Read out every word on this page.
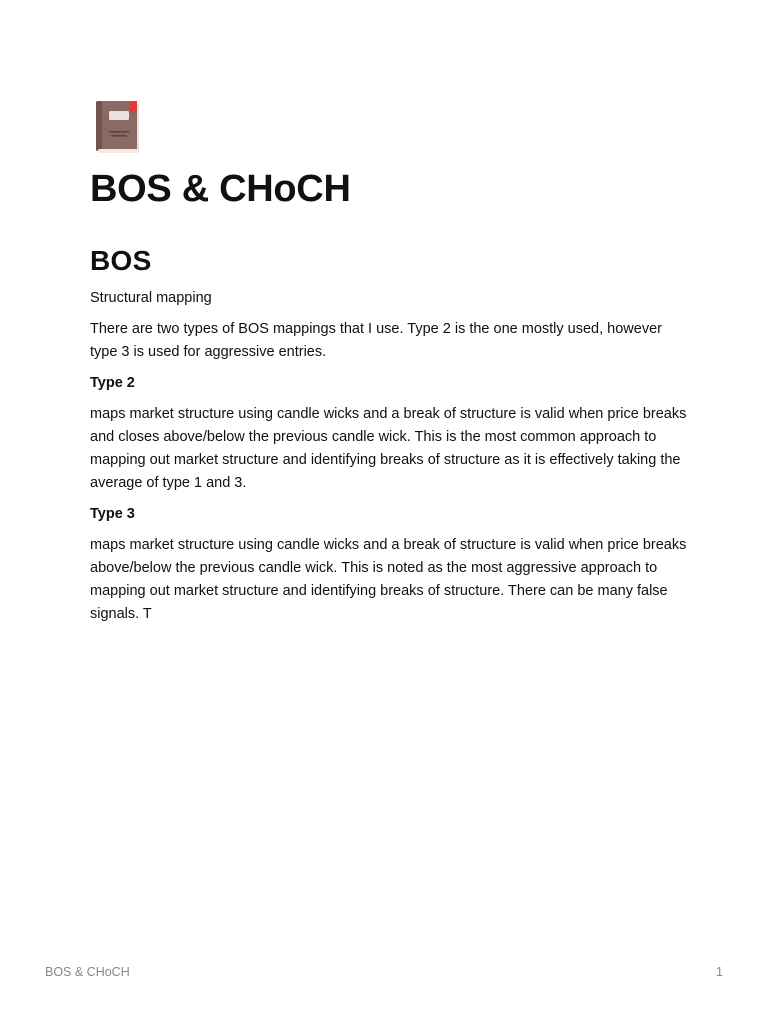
BOS & CHoCH
BOS

Structural mapping

There are two types of BOS mappings that I use. Type 2 is the one mostly used, however type 3 is used for aggressive entries.

Type 2

maps market structure using candle wicks and a break of structure is valid when price breaks and closes above/below the previous candle wick. This is the most common approach to mapping out market structure and identifying breaks of structure as it is effectively taking the average of type 1 and 3.

Type 3

maps market structure using candle wicks and a break of structure is valid when price breaks above/below the previous candle wick. This is noted as the most aggressive approach to mapping out market structure and identifying breaks of structure. There can be many false signals. T

BOS & CHoCH	1
